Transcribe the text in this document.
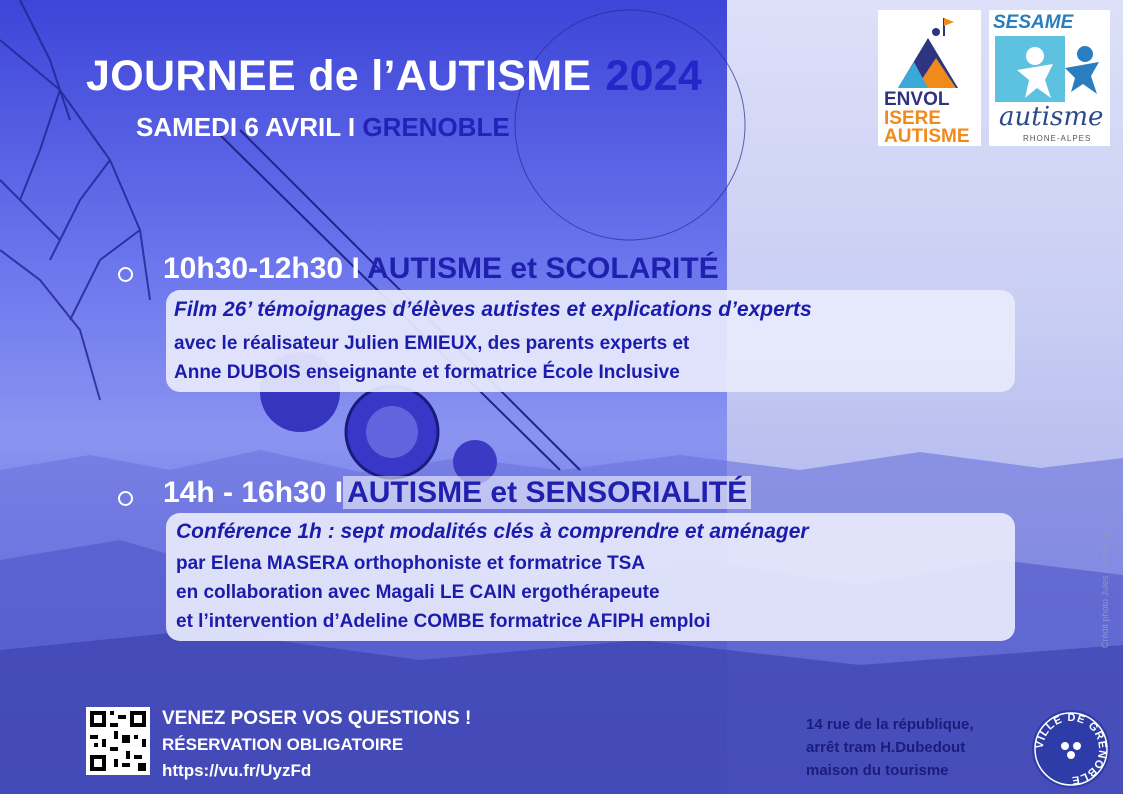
JOURNEE de l’AUTISME 2024
SAMEDI 6 AVRIL I GRENOBLE
ENVOL
ISERE
AUTISME
SESAME
autisme
RHONE-ALPES
10h30-12h30 I AUTISME et SCOLARITÉ
Film 26’ témoignages d’élèves autistes et explications d’experts
avec le réalisateur Julien EMIEUX, des parents experts et
Anne DUBOIS enseignante et formatrice École Inclusive
14h - 16h30 I AUTISME et SENSORIALITÉ
Conférence 1h : sept modalités clés à comprendre et aménager
par Elena MASERA orthophoniste et formatrice TSA
en collaboration avec Magali LE CAIN ergothérapeute
et l’intervention d’Adeline COMBE formatrice AFIPH emploi
VENEZ POSER VOS QUESTIONS !
RÉSERVATION OBLIGATOIRE
https://vu.fr/UyzFd
14 rue de la république,
arrêt tram H.Dubedout
maison du tourisme
VILLE DE GRENOBLE
Crédit photo Jules Guermonprez
